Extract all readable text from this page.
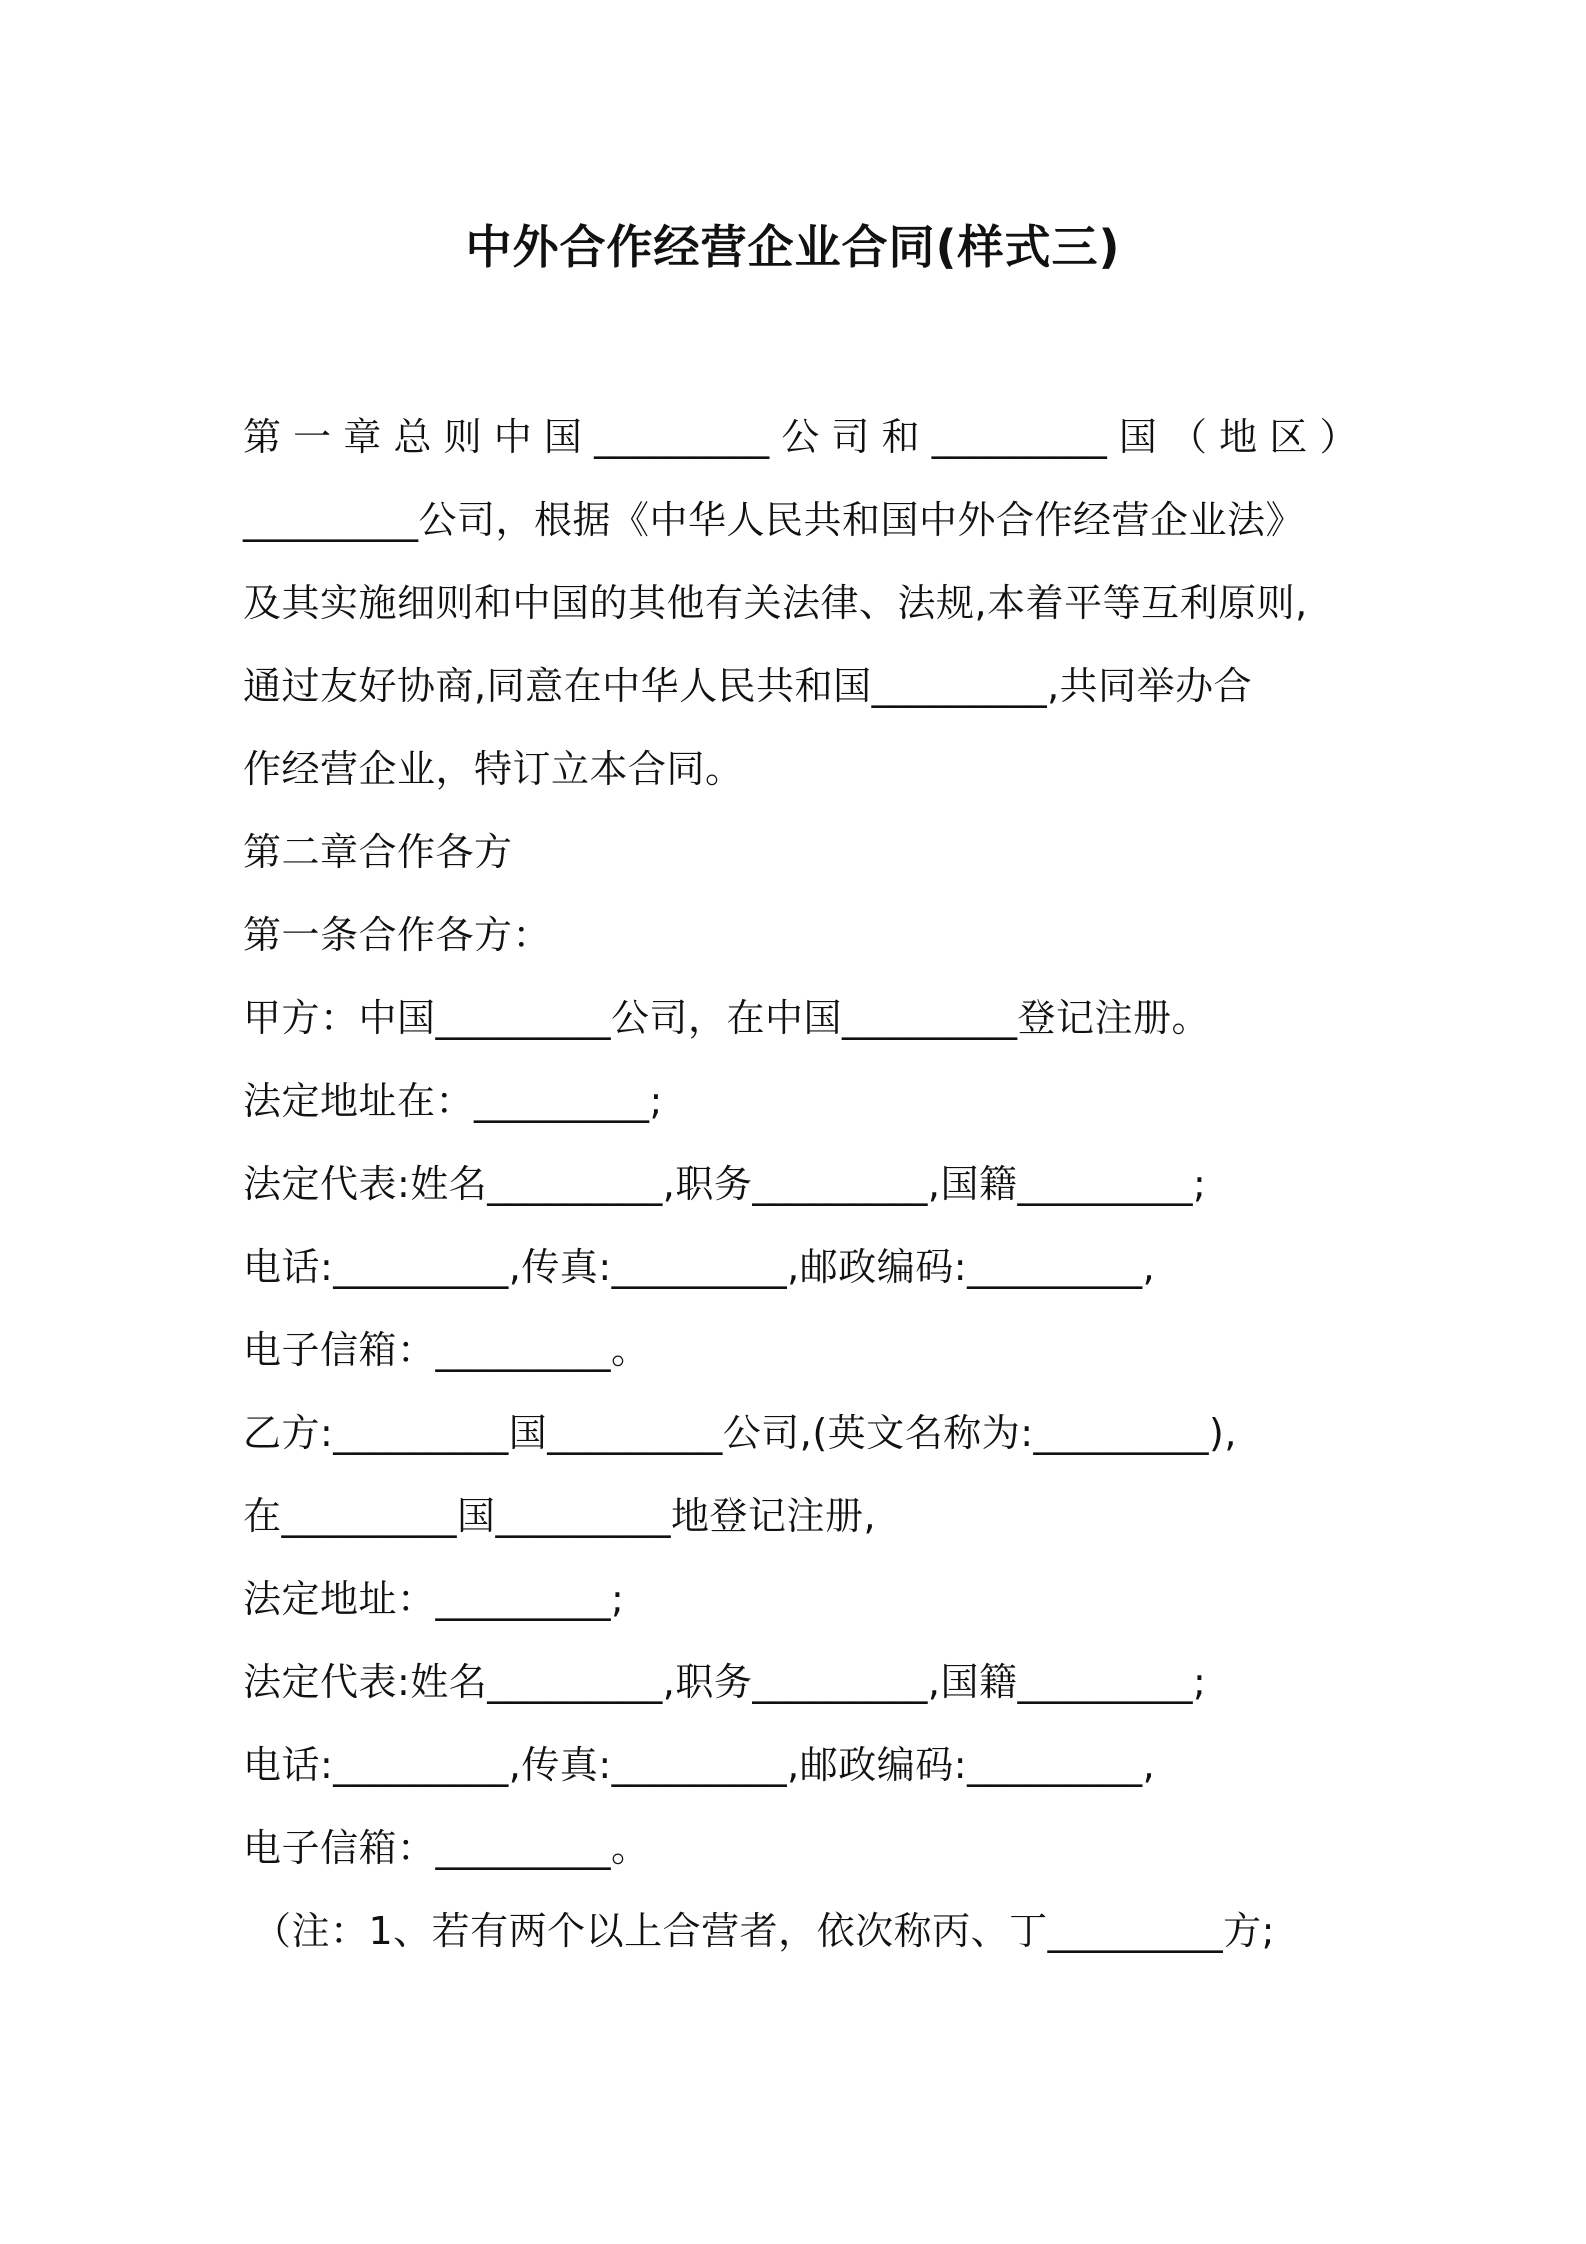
中外合作经营企业合同(样式三)
第一章总则中国_________公司和_________国（地区）
_________公司，根据《中华人民共和国中外合作经营企业法》
及其实施细则和中国的其他有关法律、法规,本着平等互利原则,
通过友好协商,同意在中华人民共和国_________,共同举办合
作经营企业，特订立本合同。
第二章合作各方
第一条合作各方：
甲方：中国_________公司，在中国_________登记注册。
法定地址在：_________;
法定代表:姓名_________,职务_________,国籍_________;
电话:_________,传真:_________,邮政编码:_________,
电子信箱：_________。
乙方:_________国_________公司,(英文名称为:_________),
在_________国_________地登记注册,
法定地址：_________;
法定代表:姓名_________,职务_________,国籍_________;
电话:_________,传真:_________,邮政编码:_________,
电子信箱：_________。
（注：1、若有两个以上合营者，依次称丙、丁_________方;
